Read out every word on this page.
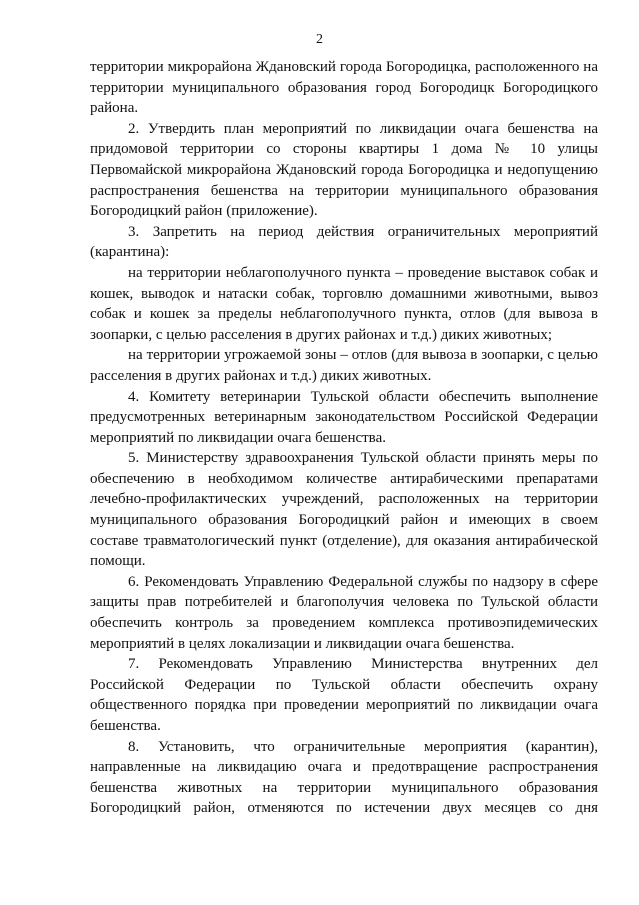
2

территории микрорайона Ждановский города Богородицка, расположенного на территории муниципального образования город Богородицк Богородицкого района.

2. Утвердить план мероприятий по ликвидации очага бешенства на придомовой территории со стороны квартиры 1 дома № 10 улицы Первомайской микрорайона Ждановский города Богородицка и недопущению распространения бешенства на территории муниципального образования Богородицкий район (приложение).

3. Запретить на период действия ограничительных мероприятий (карантина):

на территории неблагополучного пункта – проведение выставок собак и кошек, выводок и натаски собак, торговлю домашними животными, вывоз собак и кошек за пределы неблагополучного пункта, отлов (для вывоза в зоопарки, с целью расселения в других районах и т.д.) диких животных;

на территории угрожаемой зоны – отлов (для вывоза в зоопарки, с целью расселения в других районах и т.д.) диких животных.

4. Комитету ветеринарии Тульской области обеспечить выполнение предусмотренных ветеринарным законодательством Российской Федерации мероприятий по ликвидации очага бешенства.

5. Министерству здравоохранения Тульской области принять меры по обеспечению в необходимом количестве антирабическими препаратами лечебно-профилактических учреждений, расположенных на территории муниципального образования Богородицкий район и имеющих в своем составе травматологический пункт (отделение), для оказания антирабической помощи.

6. Рекомендовать Управлению Федеральной службы по надзору в сфере защиты прав потребителей и благополучия человека по Тульской области обеспечить контроль за проведением комплекса противоэпидемических мероприятий в целях локализации и ликвидации очага бешенства.

7. Рекомендовать Управлению Министерства внутренних дел Российской Федерации по Тульской области обеспечить охрану общественного порядка при проведении мероприятий по ликвидации очага бешенства.

8. Установить, что ограничительные мероприятия (карантин), направленные на ликвидацию очага и предотвращение распространения бешенства животных на территории муниципального образования Богородицкий район, отменяются по истечении двух месяцев со дня
